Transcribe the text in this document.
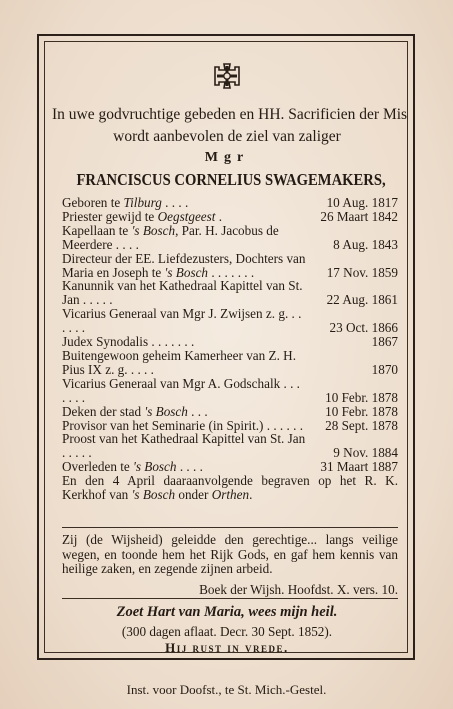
In uwe godvruchtige gebeden en HH. Sacrificien der Mis
wordt aanbevolen de ziel van zaliger
Mgr
FRANCISCUS CORNELIUS SWAGEMAKERS,
Geboren te Tilburg . . . .	10 Aug. 1817
Priester gewijd te Oegstgeest .	26 Maart 1842
Kapellaan te 's Bosch, Par. H. Jacobus de Meerdere . . . .	8 Aug. 1843
Directeur der EE. Liefdezusters, Dochters van Maria en Joseph te 's Bosch . . . . . . .	17 Nov. 1859
Kanunnik van het Kathedraal Kapittel van St. Jan . . . . .	22 Aug. 1861
Vicarius Generaal van Mgr J. Zwijsen z. g. . . . . . .	23 Oct. 1866
Judex Synodalis . . . . . . .	1867
Buitengewoon geheim Kamerheer van Z. H. Pius IX z. g. . . . .	1870
Vicarius Generaal van Mgr A. Godschalk . . . . . . .	10 Febr. 1878
Deken der stad 's Bosch . . .	10 Febr. 1878
Provisor van het Seminarie (in Spirit.) . . . . . .	28 Sept. 1878
Proost van het Kathedraal Kapittel van St. Jan . . . . .	9 Nov. 1884
Overleden te 's Bosch . . . .	31 Maart 1887
En den 4 April daaraanvolgende begraven op het R. K. Kerkhof van 's Bosch onder Orthen.
Zij (de Wijsheid) geleidde den gerechtige... langs veilige wegen, en toonde hem het Rijk Gods, en gaf hem kennis van heilige zaken, en zegende zijnen arbeid.
Boek der Wijsh. Hoofdst. X. vers. 10.
Zoet Hart van Maria, wees mijn heil.
(300 dagen aflaat. Decr. 30 Sept. 1852).
Hij rust in vrede.
Inst. voor Doofst., te St. Mich.-Gestel.
